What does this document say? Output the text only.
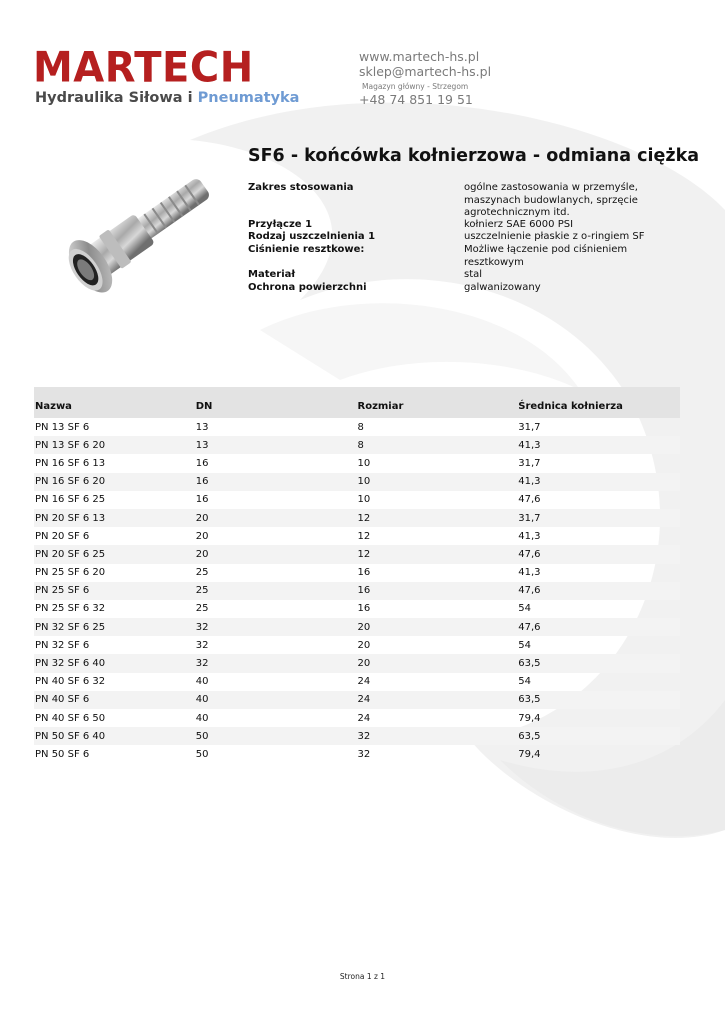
MARTECH
Hydraulika Siłowa i Pneumatyka
www.martech-hs.pl
sklep@martech-hs.pl
Magazyn główny - Strzegom
+48 74 851 19 51
SF6 - końcówka kołnierzowa - odmiana ciężka
Zakres stosowania	ogólne zastosowania w przemyśle, maszynach budowlanych, sprzęcie agrotechnicznym itd.
Przyłącze 1	kołnierz SAE 6000 PSI
Rodzaj uszczelnienia 1	uszczelnienie płaskie z o-ringiem SF
Ciśnienie resztkowe:	Możliwe łączenie pod ciśnieniem resztkowym
Materiał	stal
Ochrona powierzchni	galwanizowany
Nazwa	DN	Rozmiar	Średnica kołnierza
PN 13 SF 6	13	8	31,7
PN 13 SF 6 20	13	8	41,3
PN 16 SF 6 13	16	10	31,7
PN 16 SF 6 20	16	10	41,3
PN 16 SF 6 25	16	10	47,6
PN 20 SF 6 13	20	12	31,7
PN 20 SF 6	20	12	41,3
PN 20 SF 6 25	20	12	47,6
PN 25 SF 6 20	25	16	41,3
PN 25 SF 6	25	16	47,6
PN 25 SF 6 32	25	16	54
PN 32 SF 6 25	32	20	47,6
PN 32 SF 6	32	20	54
PN 32 SF 6 40	32	20	63,5
PN 40 SF 6 32	40	24	54
PN 40 SF 6	40	24	63,5
PN 40 SF 6 50	40	24	79,4
PN 50 SF 6 40	50	32	63,5
PN 50 SF 6	50	32	79,4
Strona 1 z 1
